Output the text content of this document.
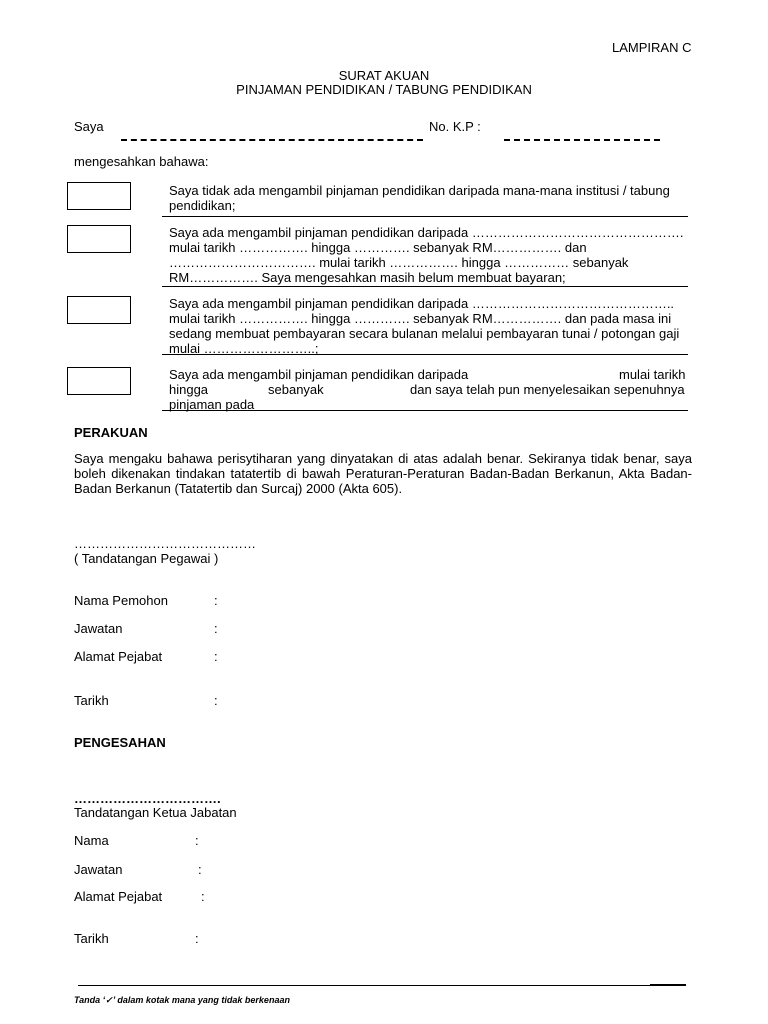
LAMPIRAN C
SURAT AKUAN
PINJAMAN PENDIDIKAN / TABUNG PENDIDIKAN
Saya	No. K.P :
mengesahkan bahawa:

Saya tidak ada mengambil pinjaman pendidikan daripada mana-mana institusi / tabung

pendidikan;

Saya ada mengambil pinjaman pendidikan daripada ………………………………………….

mulai tarikh ……………. hingga …………. sebanyak RM……………. dan

……………………………. mulai tarikh ……………. hingga …………… sebanyak

RM……………. Saya mengesahkan masih belum membuat bayaran;

Saya ada mengambil pinjaman pendidikan daripada ………………………………………..

mulai tarikh ……………. hingga …………. sebanyak RM……………. dan pada masa ini

sedang membuat pembayaran secara bulanan melalui pembayaran tunai / potongan gaji

mulai ……………………..;

Saya ada mengambil pinjaman pendidikan daripada	mulai tarikh
hingga	sebanyak	dan saya telah pun menyelesaikan sepenuhnya
pinjaman pada
PERAKUAN
Saya mengaku bahawa perisytiharan yang dinyatakan di atas adalah benar. Sekiranya tidak benar, saya boleh dikenakan tindakan tatatertib di bawah Peraturan-Peraturan Badan-Badan Berkanun, Akta Badan-Badan Berkanun (Tatatertib dan Surcaj) 2000 (Akta 605).
……………………………………
( Tandatangan Pegawai )
Nama Pemohon	:
Jawatan	:
Alamat Pejabat	:
Tarikh	:
PENGESAHAN
…………………………….
Tandatangan Ketua Jabatan
Nama	:
Jawatan	:
Alamat Pejabat	:
Tarikh	:
Tanda ‘✓’ dalam kotak mana yang tidak berkenaan
